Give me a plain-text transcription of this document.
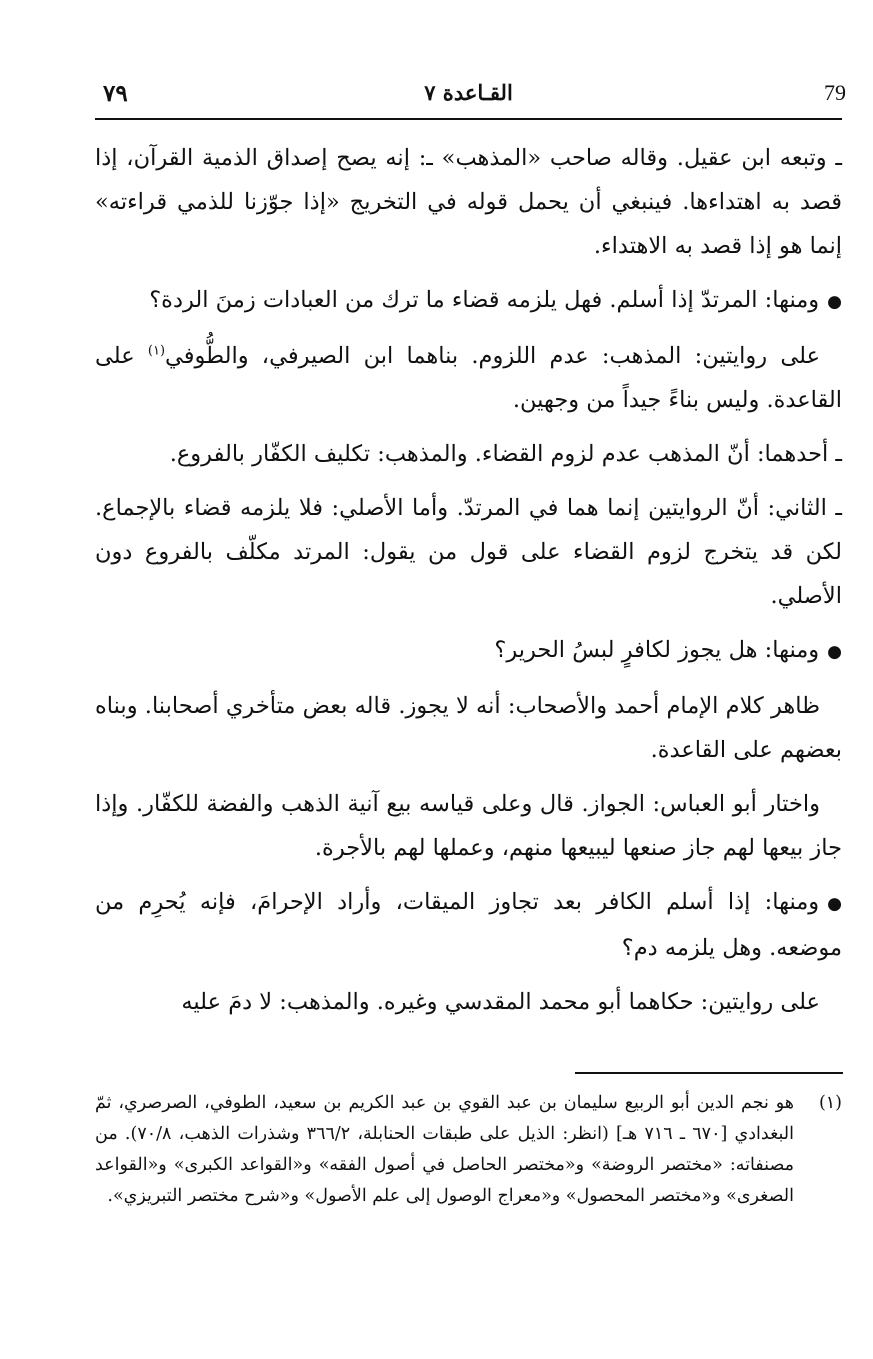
79
القـاعدة ٧
٧٩

ـ وتبعه ابن عقيل. وقاله صاحب «المذهب» ـ: إنه يصح إصداق الذمية القرآن، إذا قصد به اهتداءها. فينبغي أن يحمل قوله في التخريج «إذا جوّزنا للذمي قراءته» إنما هو إذا قصد به الاهتداء.

●ومنها: المرتدّ إذا أسلم. فهل يلزمه قضاء ما ترك من العبادات زمنَ الردة؟

على روايتين: المذهب: عدم اللزوم. بناهما ابن الصيرفي، والطُّوفي$^{(١)}$ على القاعدة. وليس بناءً جيداً من وجهين.

ـ أحدهما: أنّ المذهب عدم لزوم القضاء. والمذهب: تكليف الكفّار بالفروع.

ـ الثاني: أنّ الروايتين إنما هما في المرتدّ. وأما الأصلي: فلا يلزمه قضاء بالإجماع. لكن قد يتخرج لزوم القضاء على قول من يقول: المرتد مكلّف بالفروع دون الأصلي.

●ومنها: هل يجوز لكافرٍ لبسُ الحرير؟

ظاهر كلام الإمام أحمد والأصحاب: أنه لا يجوز. قاله بعض متأخري أصحابنا. وبناه بعضهم على القاعدة.

واختار أبو العباس: الجواز. قال وعلى قياسه بيع آنية الذهب والفضة للكفّار. وإذا جاز بيعها لهم جاز صنعها ليبيعها منهم، وعملها لهم بالأجرة.

●ومنها: إذا أسلم الكافر بعد تجاوز الميقات، وأراد الإحرامَ، فإنه يُحرِم من موضعه. وهل يلزمه دم؟

على روايتين: حكاهما أبو محمد المقدسي وغيره. والمذهب: لا دمَ عليه

(١)
هو نجم الدين أبو الربيع سليمان بن عبد القوي بن عبد الكريم بن سعيد، الطوفي، الصرصري، ثمّ البغدادي [٦٧٠ ـ ٧١٦ هـ] (انظر: الذيل على طبقات الحنابلة، ٣٦٦/٢ وشذرات الذهب، ٧٠/٨). من مصنفاته: «مختصر الروضة» و«مختصر الحاصل في أصول الفقه» و«القواعد الكبرى» و«القواعد الصغرى» و«مختصر المحصول» و«معراج الوصول إلى علم الأصول» و«شرح مختصر التبريزي».
